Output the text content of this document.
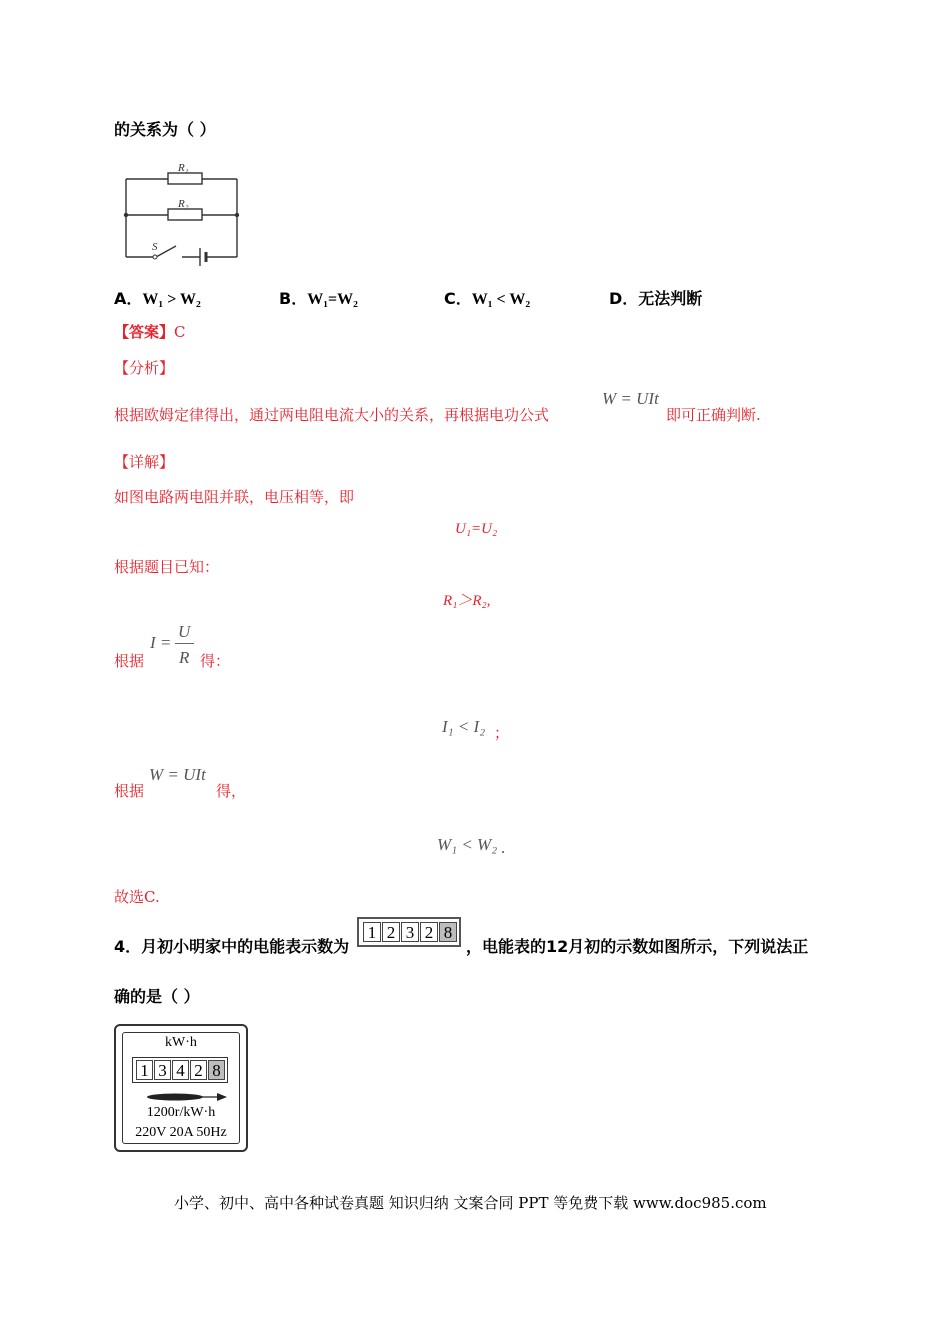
的关系为（ ）
R₁
R₂
S
A．W₁ > W₂	B．W₁=W₂	C．W₁ < W₂	D．无法判断
【答案】C
【分析】
根据欧姆定律得出，通过两电阻电流大小的关系，再根据电功公式
W = UIt
即可正确判断.
【详解】
如图电路两电阻并联，电压相等，即
U₁=U₂
根据题目已知：
R₁＞R₂,
根据
I =
U
R 得：
I₁ < I₂ ；
根据
W = UIt
得，
W₁ < W₂ .
故选C.
4．月初小明家中的电能表示数为
1 2 3 2 8
，电能表的12月初的示数如图所示，下列说法正
确的是（ ）
kW·h
1 3 4 2 8
1200r/kW·h
220V 20A 50Hz
小学、初中、高中各种试卷真题 知识归纳 文案合同 PPT 等免费下载 www.doc985.com
